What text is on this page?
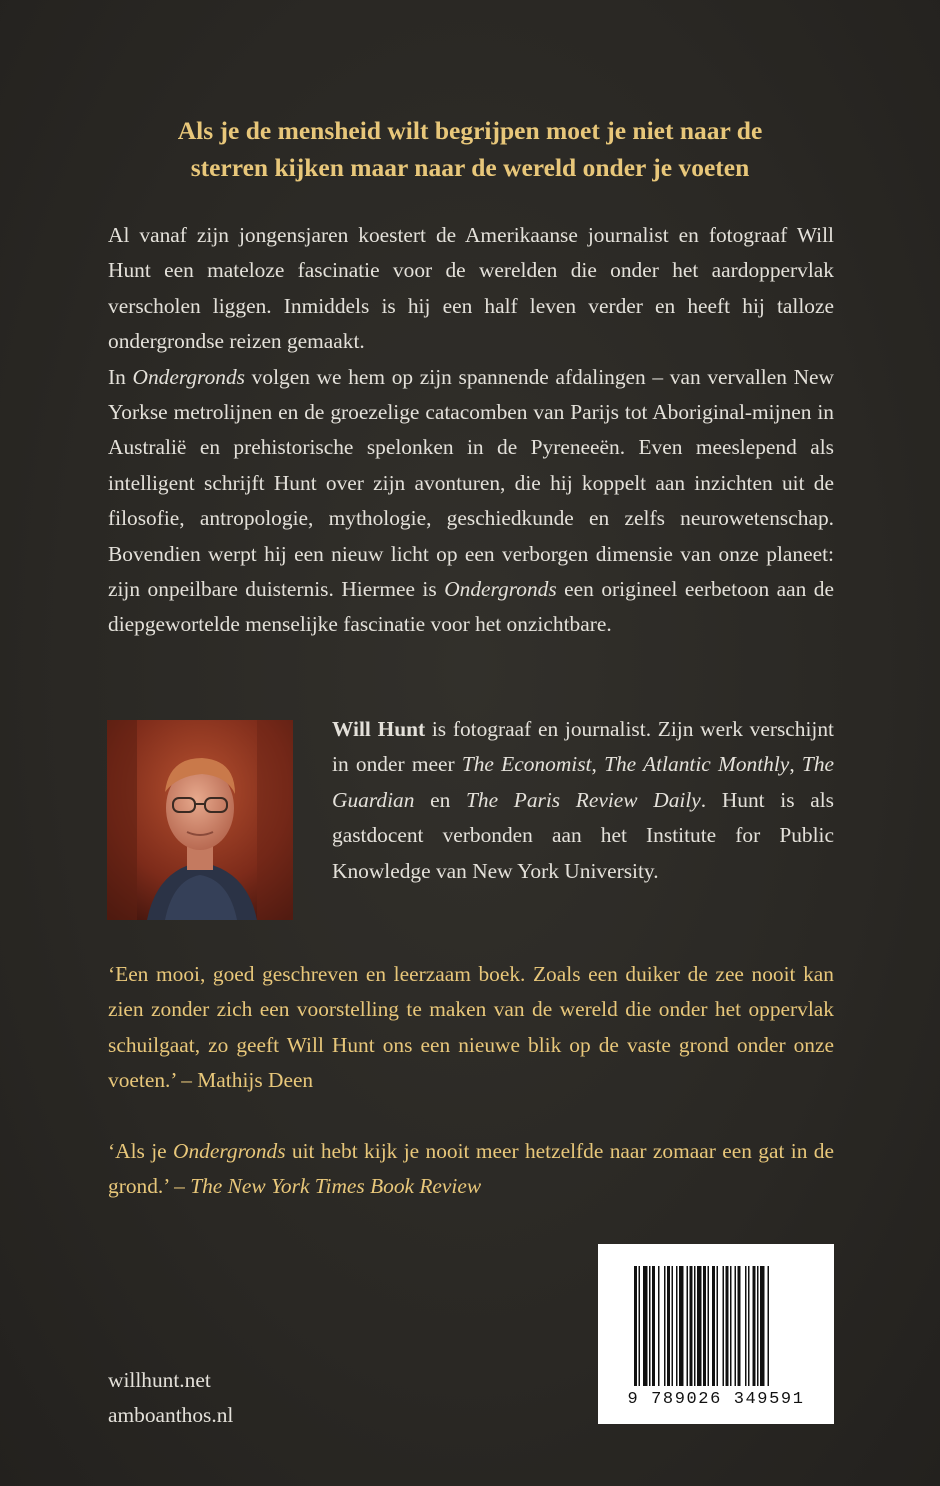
Als je de mensheid wilt begrijpen moet je niet naar de
sterren kijken maar naar de wereld onder je voeten

Al vanaf zijn jongensjaren koestert de Amerikaanse journalist en fotograaf Will Hunt een mateloze fascinatie voor de werelden die onder het aardoppervlak verscholen liggen. Inmiddels is hij een half leven verder en heeft hij talloze ondergrondse reizen gemaakt.

In Ondergronds volgen we hem op zijn spannende afdalingen – van vervallen New Yorkse metrolijnen en de groezelige catacomben van Parijs tot Aboriginal-mijnen in Australië en prehistorische spelonken in de Pyreneeën. Even meeslepend als intelligent schrijft Hunt over zijn avonturen, die hij koppelt aan inzichten uit de filosofie, antropologie, mythologie, geschiedkunde en zelfs neurowetenschap. Bovendien werpt hij een nieuw licht op een verborgen dimensie van onze planeet: zijn onpeilbare duisternis. Hiermee is Ondergronds een origineel eerbetoon aan de diepgewortelde menselijke fascinatie voor het onzichtbare.

Will Hunt is fotograaf en journalist. Zijn werk verschijnt in onder meer The Economist, The Atlantic Monthly, The Guardian en The Paris Review Daily. Hunt is als gastdocent verbonden aan het Institute for Public Knowledge van New York University.

‘Een mooi, goed geschreven en leerzaam boek. Zoals een duiker de zee nooit kan zien zonder zich een voorstelling te maken van de wereld die onder het oppervlak schuilgaat, zo geeft Will Hunt ons een nieuwe blik op de vaste grond onder onze voeten.’ – Mathijs Deen

‘Als je Ondergronds uit hebt kijk je nooit meer hetzelfde naar zomaar een gat in de grond.’ – The New York Times Book Review

willhunt.net
amboanthos.nl
9 789026 349591
